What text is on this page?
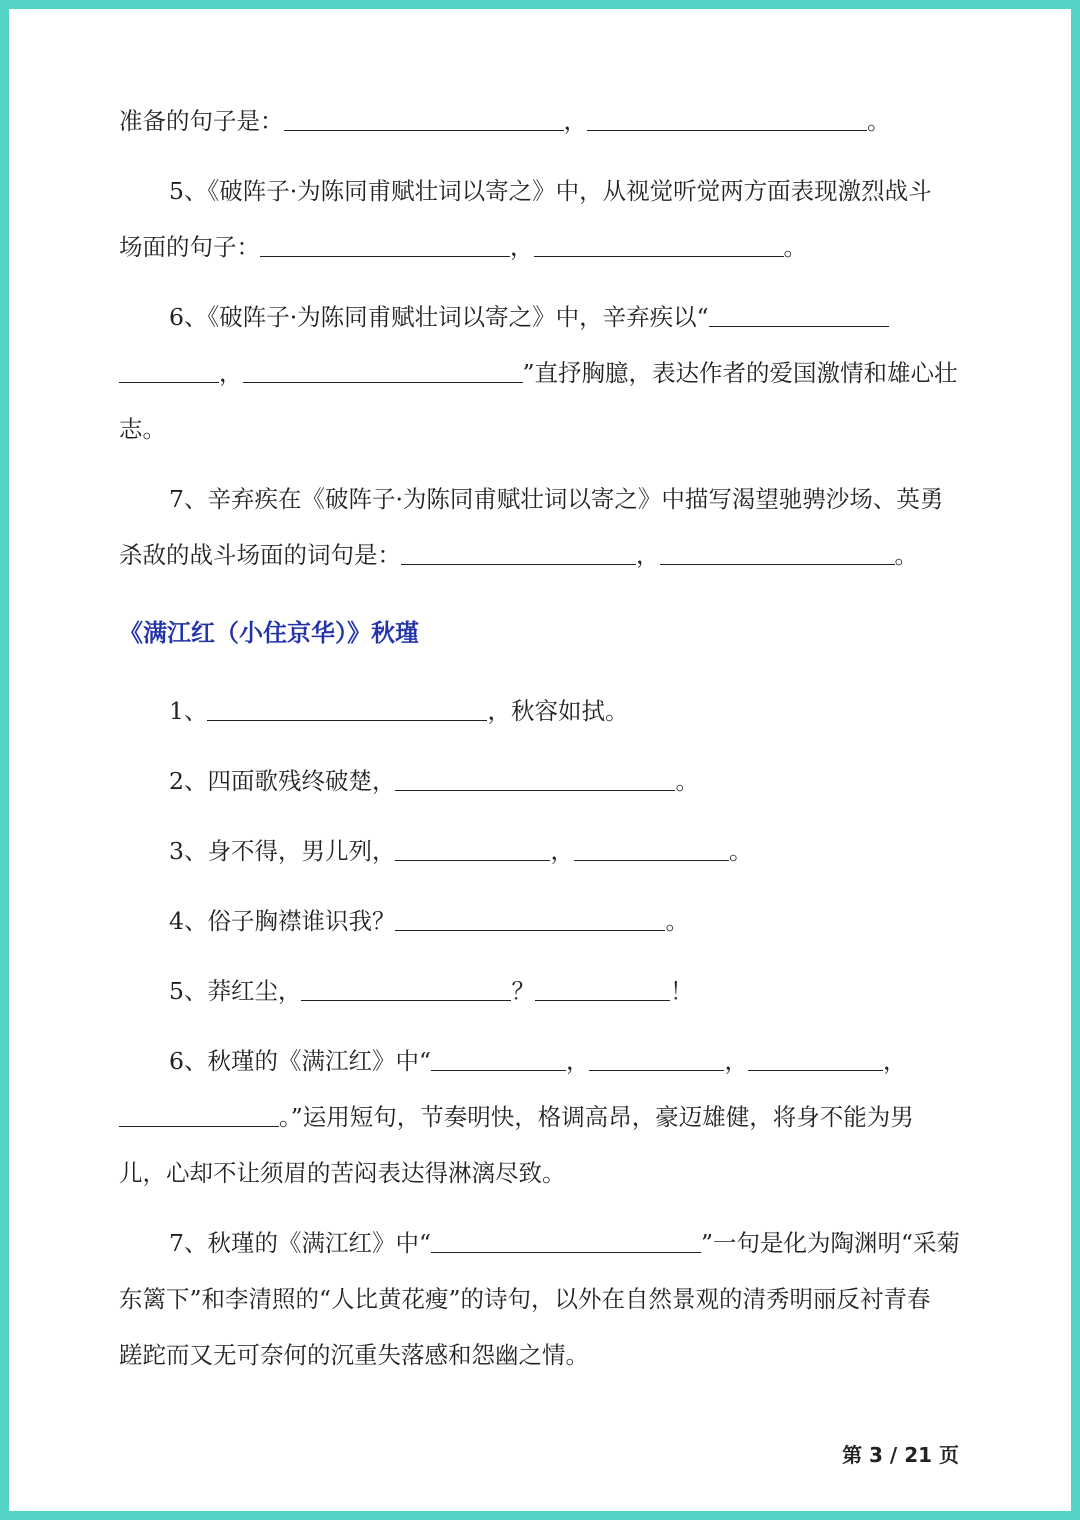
准备的句子是：	，	。

5、《破阵子·为陈同甫赋壮词以寄之》中，从视觉听觉两方面表现激烈战斗
场面的句子：	，	。

6、《破阵子·为陈同甫赋壮词以寄之》中，辛弃疾以“
，	”直抒胸臆，表达作者的爱国激情和雄心壮
志。

7、辛弃疾在《破阵子·为陈同甫赋壮词以寄之》中描写渴望驰骋沙场、英勇
杀敌的战斗场面的词句是：	，	。

《满江红（小住京华）》秋瑾

1、	，秋容如拭。

2、四面歌残终破楚，	。

3、身不得，男儿列，	，	。

4、俗子胸襟谁识我？	。

5、莽红尘，	？	！

6、秋瑾的《满江红》中“	，	，	，
。”运用短句，节奏明快，格调高昂，豪迈雄健，将身不能为男
儿，心却不让须眉的苦闷表达得淋漓尽致。

7、秋瑾的《满江红》中“	”一句是化为陶渊明“采菊
东篱下”和李清照的“人比黄花瘦”的诗句，以外在自然景观的清秀明丽反衬青春
蹉跎而又无可奈何的沉重失落感和怨幽之情。

第 3 / 21 页
